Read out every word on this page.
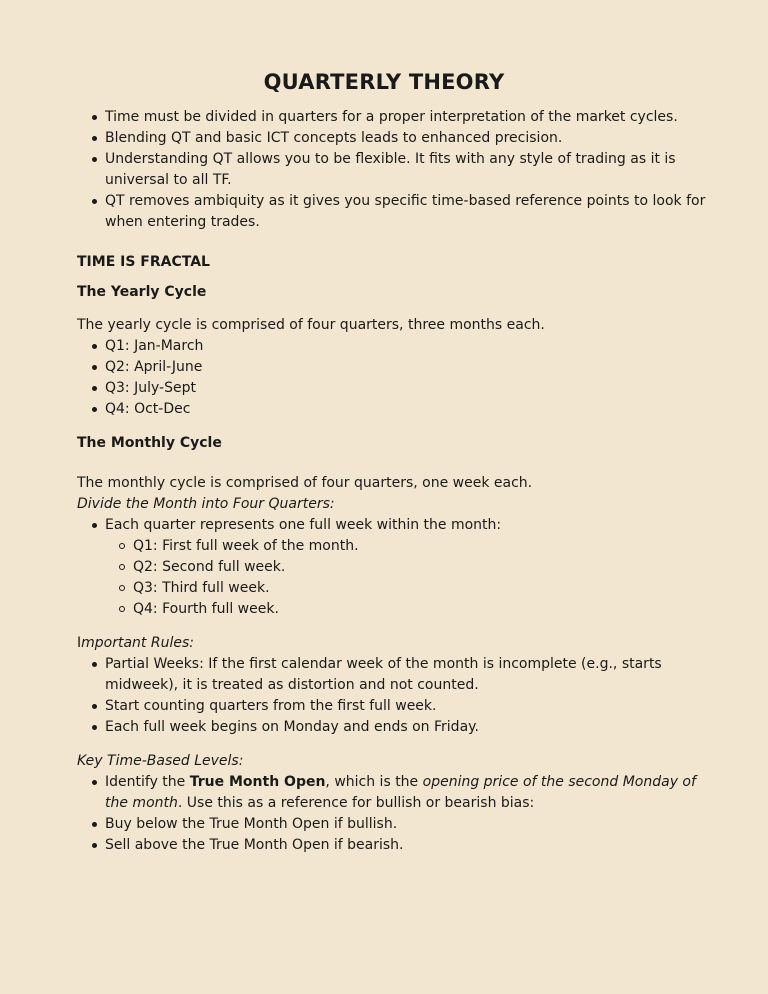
QUARTERLY THEORY
Time must be divided in quarters for a proper interpretation of the market cycles.
Blending QT and basic ICT concepts leads to enhanced precision.
Understanding QT allows you to be flexible. It fits with any style of trading as it is universal to all TF.
QT removes ambiquity as it gives you specific time-based reference points to look for when entering trades.
TIME IS FRACTAL
The Yearly Cycle
The yearly cycle is comprised of four quarters, three months each.
Q1: Jan-March
Q2: April-June
Q3: July-Sept
Q4: Oct-Dec
The Monthly Cycle
The monthly cycle is comprised of four quarters, one week each.
Divide the Month into Four Quarters:
Each quarter represents one full week within the month:
Q1: First full week of the month.
Q2: Second full week.
Q3: Third full week.
Q4: Fourth full week.
Important Rules:
Partial Weeks: If the first calendar week of the month is incomplete (e.g., starts midweek), it is treated as distortion and not counted.
Start counting quarters from the first full week.
Each full week begins on Monday and ends on Friday.
Key Time-Based Levels:
Identify the True Month Open, which is the opening price of the second Monday of the month. Use this as a reference for bullish or bearish bias:
Buy below the True Month Open if bullish.
Sell above the True Month Open if bearish.
